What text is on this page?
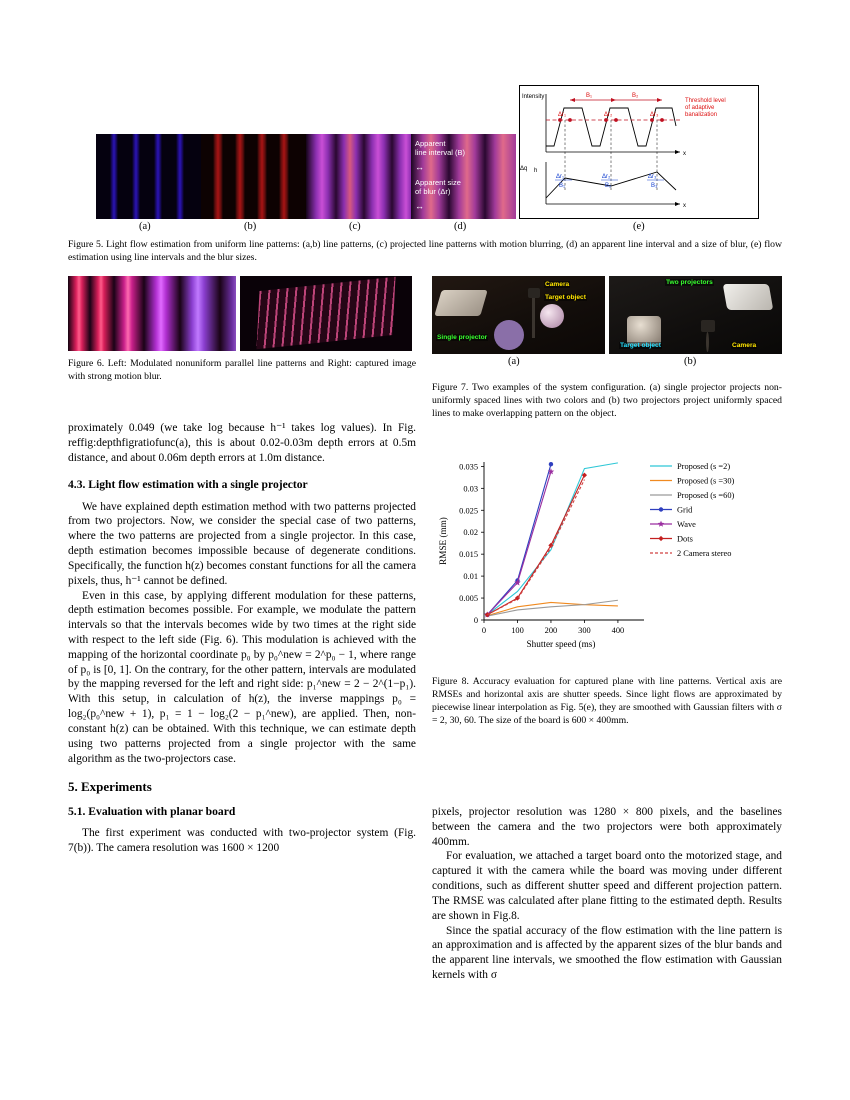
Apparent
line interval (B)
↔
Apparent size
of blur (Δr)
↔
Intensity
x
Threshold level
of adaptive
banalization
B₁	B₂
Δr₁	Δr₂	Δr₃
Δq h
x
Δr₁
B₁
Δr₂
B₂
Δr₃
B₃
(a)	(b)	(c)	(d)	(e)
Figure 5. Light flow estimation from uniform line patterns: (a,b) line patterns, (c) projected line patterns with motion blurring, (d) an apparent line interval and a size of blur, (e) flow estimation using line intervals and the blur sizes.
Figure 6. Left: Modulated nonuniform parallel line patterns and Right: captured image with strong motion blur.
Camera
Target object
Single projector
Two projectors
Target object	Camera
(a)	(b)
Figure 7. Two examples of the system configuration. (a) single projector projects non-uniformly spaced lines with two colors and (b) two projectors project uniformly spaced lines to make overlapping pattern on the object.
0
0.005
0.01
0.015
0.02
0.025
0.03
0.035
0	100 200 300 400
Shutter speed (ms)
RMSE (mm)
Proposed (s =2)
Proposed (s =30)
Proposed (s =60)
Grid
Wave
Dots
2 Camera stereo
Figure 8. Accuracy evaluation for captured plane with line patterns. Vertical axis are RMSEs and horizontal axis are shutter speeds. Since light flows are approximated by piecewise linear interpolation as Fig. 5(e), they are smoothed with Gaussian filters with σ = 2, 30, 60. The size of the board is 600 × 400mm.

proximately 0.049 (we take log because h⁻¹ takes log values). In Fig. reffig:depthfigratiofunc(a), this is about 0.02-0.03m depth errors at 0.5m distance, and about 0.06m depth errors at 1.0m distance.

4.3. Light flow estimation with a single projector

We have explained depth estimation method with two patterns projected from two projectors. Now, we consider the special case of two patterns, where the two patterns are projected from a single projector. In this case, depth estimation becomes impossible because of degenerate conditions. Specifically, the function h(z) becomes constant functions for all the camera pixels, thus, h⁻¹ cannot be defined.

Even in this case, by applying different modulation for these patterns, depth estimation becomes possible. For example, we modulate the pattern intervals so that the intervals becomes wide by two times at the right side with respect to the left side (Fig. 6). This modulation is achieved with the mapping of the horizontal coordinate p₀ by p₀^new = 2^p₀ − 1, where range of p₀ is [0, 1]. On the contrary, for the other pattern, intervals are modulated by the mapping reversed for the left and right side: p₁^new = 2 − 2^(1−p₁). With this setup, in calculation of h(z), the inverse mappings p₀ = log₂(p₀^new + 1), p₁ = 1 − log₂(2 − p₁^new), are applied. Then, non-constant h(z) can be obtained. With this technique, we can estimate depth using two patterns projected from a single projector with the same algorithm as the two-projectors case.

5. Experiments
5.1. Evaluation with planar board

The first experiment was conducted with two-projector system (Fig. 7(b)). The camera resolution was 1600 × 1200

pixels, projector resolution was 1280 × 800 pixels, and the baselines between the camera and the two projectors were both approximately 400mm.

For evaluation, we attached a target board onto the motorized stage, and captured it with the camera while the board was moving under different conditions, such as different shutter speed and different projection pattern. The RMSE was calculated after plane fitting to the estimated depth. Results are shown in Fig.8.

Since the spatial accuracy of the flow estimation with the line pattern is an approximation and is affected by the apparent sizes of the blur bands and the apparent line intervals, we smoothed the flow estimation with Gaussian kernels with σ
